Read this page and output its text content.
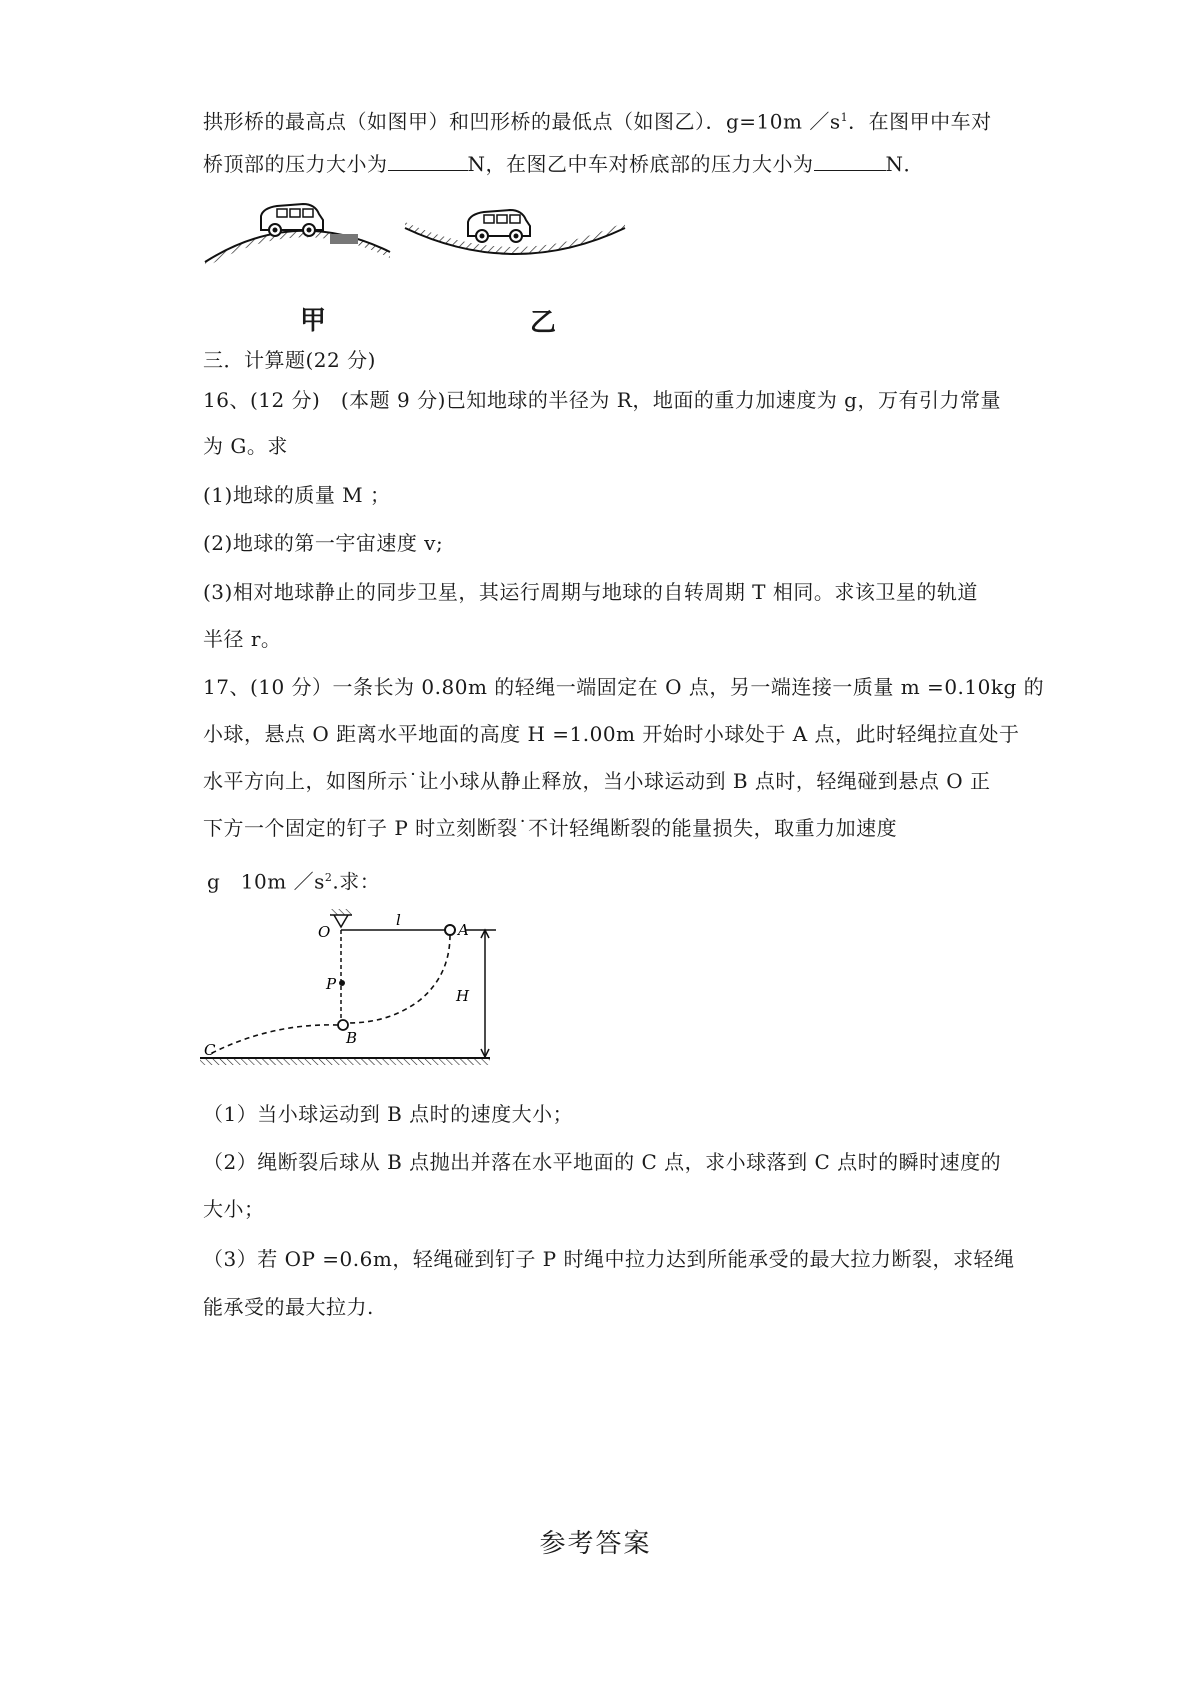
拱形桥的最高点（如图甲）和凹形桥的最低点（如图乙）．g=10m $/s^1$．在图甲中车对
桥顶部的压力大小为	N，在图乙中车对桥底部的压力大小为	N．
甲	乙
三．计算题(22 分)
16、(12 分)　(本题 9 分)已知地球的半径为 R，地面的重力加速度为 g，万有引力常量
为 G。求
(1)地球的质量 M ；
(2)地球的第一宇宙速度 v;
(3)相对地球静止的同步卫星，其运行周期与地球的自转周期 T 相同。求该卫星的轨道
半径 r。
17、(10 分）一条长为 0.80m 的轻绳一端固定在 O 点，另一端连接一质量 m =0.10kg 的
小球，悬点 O 距离水平地面的高度 H =1.00m 开始时小球处于 A 点，此时轻绳拉直处于
水平方向上，如图所示˙让小球从静止释放，当小球运动到 B 点时，轻绳碰到悬点 O 正
下方一个固定的钉子 P 时立刻断裂˙不计轻绳断裂的能量损失，取重力加速度
g　10m $/s^2$.求：
O
l
A
P
B
C
H
（1）当小球运动到 B 点时的速度大小；
（2）绳断裂后球从 B 点抛出并落在水平地面的 C 点，求小球落到 C 点时的瞬时速度的
大小；
（3）若 OP =0.6m，轻绳碰到钉子 P 时绳中拉力达到所能承受的最大拉力断裂，求轻绳
能承受的最大拉力.
参考答案
